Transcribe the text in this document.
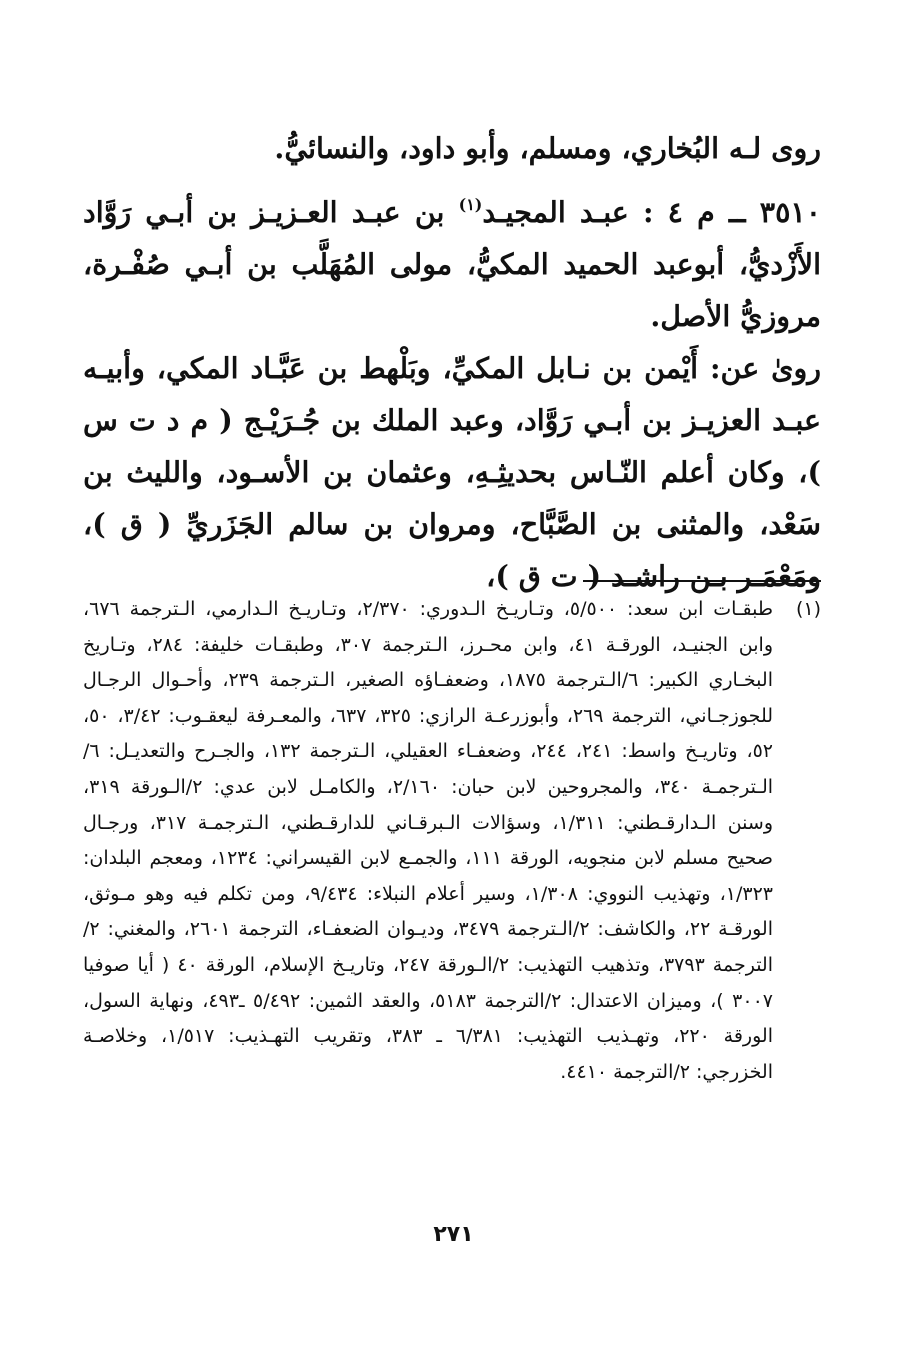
روى لـه البُخاري، ومسلم، وأبو داود، والنسائيُّ.

٣٥١٠ ــ م ٤ : عبـد المجيـد$^{(١)}$ بن عبـد العـزيـز بن أبـي رَوَّاد الأَزْديُّ، أبوعبد الحميد المكيُّ، مولى المُهَلَّب بن أبـي صُفْـرة، مروزيُّ الأصل.

روىٰ عن: أَيْمن بن نـابل المكيِّ، وبَلْهط بن عَبَّـاد المكي، وأبيـه عبـد العزيـز بن أبـي رَوَّاد، وعبد الملك بن جُـرَيْـج ( م د ت س )، وكان أعلم النّـاس بحديثِـهِ، وعثمان بن الأسـود، والليث بن سَعْد، والمثنى بن الصَّبَّاح، ومروان بن سالم الجَزَريِّ ( ق )، ومَعْمَـر بـن راشـد ( ت ق )،

(١)
طبقـات ابن سعد: ٥/٥٠٠، وتـاريـخ الـدوري: ٢/٣٧٠، وتـاريـخ الـدارمي، الـترجمة ٦٧٦، وابن الجنيـد، الورقـة ٤١، وابن محـرز، الـترجمة ٣٠٧، وطبقـات خليفة: ٢٨٤، وتـاريخ البخـاري الكبير: ٦/الـترجمة ١٨٧٥، وضعفـاؤه الصغير، الـترجمة ٢٣٩، وأحـوال الرجـال للجوزجـاني، الترجمة ٢٦٩، وأبوزرعـة الرازي: ٣٢٥، ٦٣٧، والمعـرفة ليعقـوب: ٣/٤٢، ٥٠، ٥٢، وتاريـخ واسط: ٢٤١، ٢٤٤، وضعفـاء العقيلي، الـترجمة ١٣٢، والجـرح والتعديـل: ٦/الـترجمـة ٣٤٠، والمجروحين لابن حبان: ٢/١٦٠، والكامـل لابن عدي: ٢/الـورقة ٣١٩، وسنن الـدارقـطني: ١/٣١١، وسؤالات الـبرقـاني للدارقـطني، الـترجمـة ٣١٧، ورجـال صحيح مسلم لابن منجويه، الورقة ١١١، والجمـع لابن القيسراني: ١٢٣٤، ومعجم البلدان: ١/٣٢٣، وتهذيب النووي: ١/٣٠٨، وسير أعلام النبلاء: ٩/٤٣٤، ومن تكلم فيه وهو مـوثق، الورقـة ٢٢، والكاشف: ٢/الـترجمة ٣٤٧٩، وديـوان الضعفـاء، الترجمة ٢٦٠١، والمغني: ٢/الترجمة ٣٧٩٣، وتذهيب التهذيب: ٢/الـورقة ٢٤٧، وتاريـخ الإسلام، الورقة ٤٠ ( أيا صوفيا ٣٠٠٧ )، وميزان الاعتدال: ٢/الترجمة ٥١٨٣، والعقد الثمين: ٥/٤٩٢ ـ٤٩٣، ونهاية السول، الورقة ٢٢٠، وتهـذيب التهذيب: ٦/٣٨١ ـ ٣٨٣، وتقريب التهـذيب: ١/٥١٧، وخلاصـة الخزرجي: ٢/الترجمة ٤٤١٠.
٢٧١
